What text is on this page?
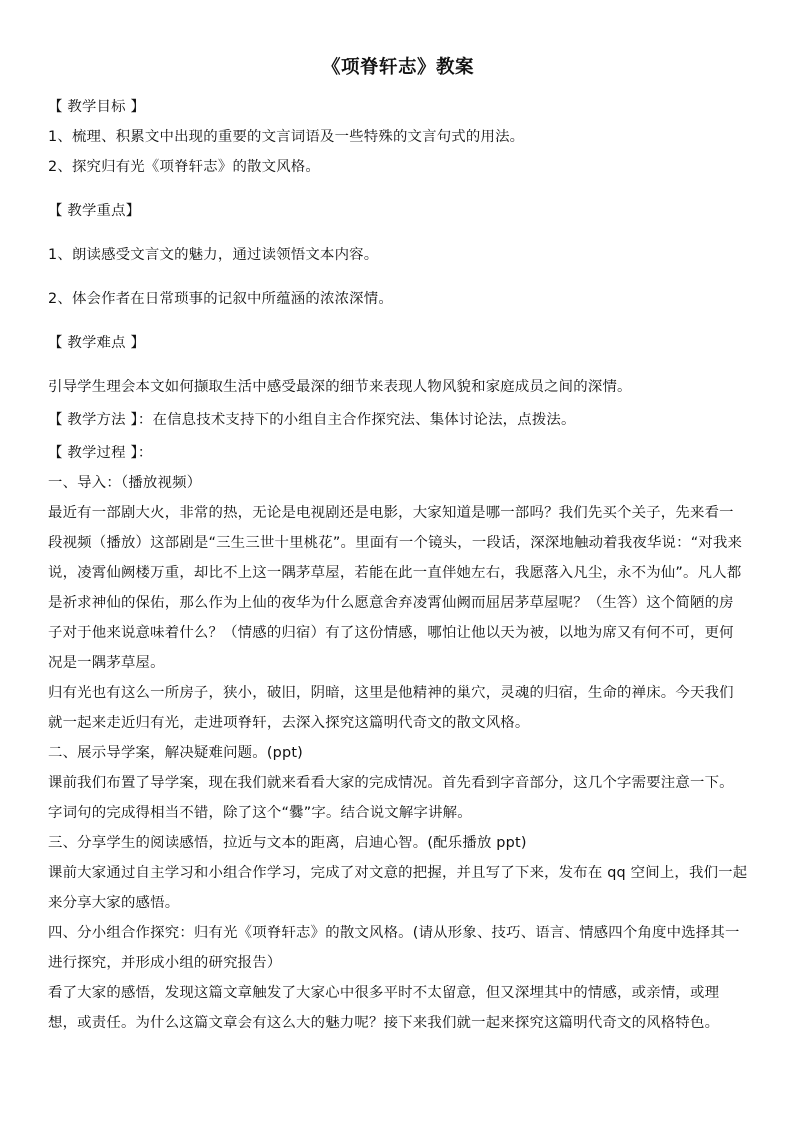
《项脊轩志》教案

【 教学目标 】

1、梳理、积累文中出现的重要的文言词语及一些特殊的文言句式的用法。

2、探究归有光《项脊轩志》的散文风格。

【 教学重点】

1、朗读感受文言文的魅力，通过读领悟文本内容。

2、体会作者在日常琐事的记叙中所蕴涵的浓浓深情。

【 教学难点 】

引导学生理会本文如何撷取生活中感受最深的细节来表现人物风貌和家庭成员之间的深情。

【 教学方法 】：在信息技术支持下的小组自主合作探究法、集体讨论法，点拨法。

【 教学过程 】：

一、导入：（播放视频）

最近有一部剧大火，非常的热，无论是电视剧还是电影，大家知道是哪一部吗？我们先买个关子，先来看一段视频（播放）这部剧是“三生三世十里桃花”。里面有一个镜头，一段话，深深地触动着我夜华说：“对我来说，凌霄仙阙楼万重，却比不上这一隅茅草屋，若能在此一直伴她左右，我愿落入凡尘，永不为仙”。凡人都是祈求神仙的保佑，那么作为上仙的夜华为什么愿意舍弃凌霄仙阙而屈居茅草屋呢？（生答）这个简陋的房子对于他来说意味着什么？（情感的归宿）有了这份情感，哪怕让他以天为被，以地为席又有何不可，更何况是一隅茅草屋。

归有光也有这么一所房子，狭小，破旧，阴暗，这里是他精神的巢穴，灵魂的归宿，生命的禅床。今天我们就一起来走近归有光，走进项脊轩，去深入探究这篇明代奇文的散文风格。

二、展示导学案，解决疑难问题。(ppt)

课前我们布置了导学案，现在我们就来看看大家的完成情况。首先看到字音部分，这几个字需要注意一下。字词句的完成得相当不错，除了这个“爨”字。结合说文解字讲解。

三、分享学生的阅读感悟，拉近与文本的距离，启迪心智。(配乐播放 ppt)

课前大家通过自主学习和小组合作学习，完成了对文意的把握，并且写了下来，发布在 qq 空间上，我们一起来分享大家的感悟。

四、分小组合作探究：归有光《项脊轩志》的散文风格。(请从形象、技巧、语言、情感四个角度中选择其一进行探究，并形成小组的研究报告）

看了大家的感悟，发现这篇文章触发了大家心中很多平时不太留意，但又深埋其中的情感，或亲情，或理想，或责任。为什么这篇文章会有这么大的魅力呢？接下来我们就一起来探究这篇明代奇文的风格特色。
